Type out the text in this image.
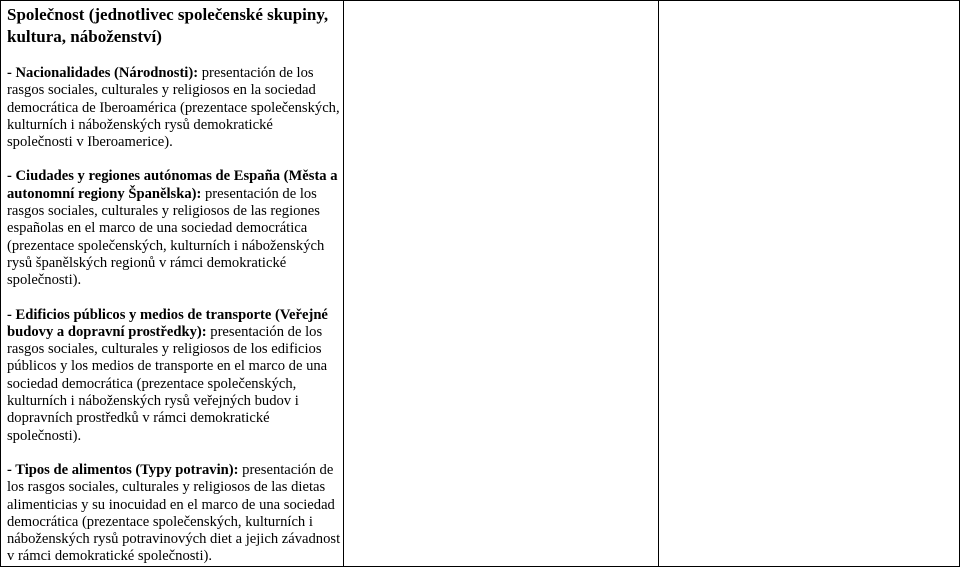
Společnost (jednotlivec společenské skupiny, kultura, náboženství)

- Nacionalidades (Národnosti): presentación de los rasgos sociales, culturales y religiosos en la sociedad democrática de Iberoamérica (prezentace společenských, kulturních i náboženských rysů demokratické společnosti v Iberoamerice).

- Ciudades y regiones autónomas de España (Města a autonomní regiony Španělska): presentación de los rasgos sociales, culturales y religiosos de las regiones españolas en el marco de una sociedad democrática (prezentace společenských, kulturních i náboženských rysů španělských regionů v rámci demokratické společnosti).

- Edificios públicos y medios de transporte (Veřejné budovy a dopravní prostředky): presentación de los rasgos sociales, culturales y religiosos de los edificios públicos y los medios de transporte en el marco de una sociedad democrática (prezentace společenských, kulturních i náboženských rysů veřejných budov i dopravních prostředků v rámci demokratické společnosti).

- Tipos de alimentos (Typy potravin): presentación de los rasgos sociales, culturales y religiosos de las dietas alimenticias y su inocuidad en el marco de una sociedad democrática (prezentace společenských, kulturních i náboženských rysů potravinových diet a jejich závadnost v rámci demokratické společnosti).
